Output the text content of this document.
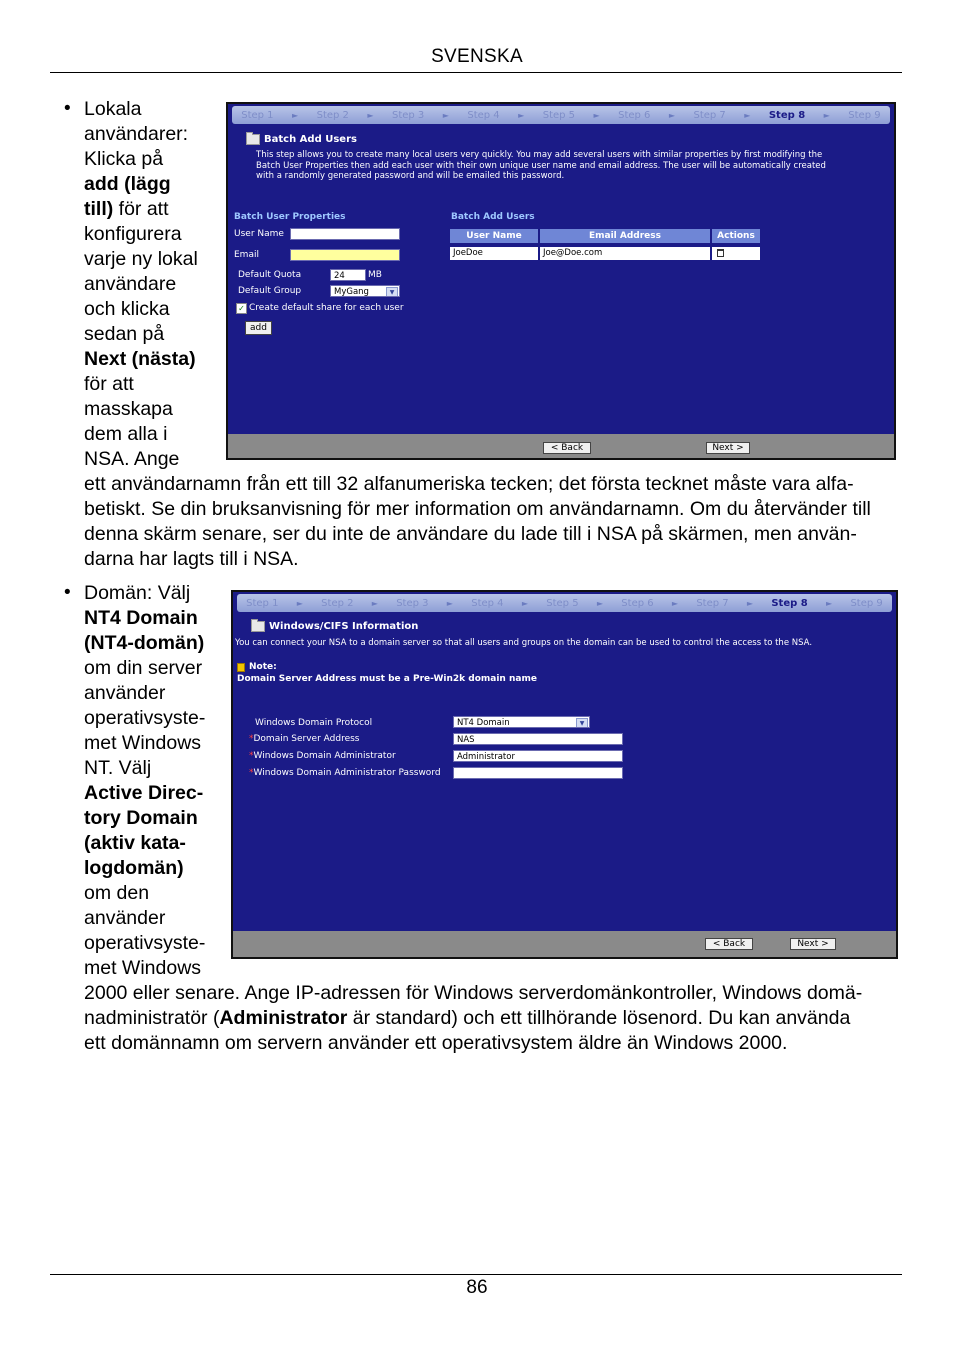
SVENSKA
• Lokala
användarer:
Klicka på
add (lägg
till) för att
konfigurera
varje ny lokal
användare
och klicka
sedan på
Next (nästa)
för att
masskapa
dem alla i
NSA. Ange
ett användarnamn från ett till 32 alfanumeriska tecken; det första tecknet måste vara alfa-
betiskt. Se din bruksanvisning för mer information om användarnamn. Om du återvänder till
denna skärm senare, ser du inte de användare du lade till i NSA på skärmen, men använ-
darna har lagts till i NSA.
Step 1 ► Step 2 ► Step 3 ► Step 4 ► Step 5 ► Step 6 ► Step 7 ► Step 8 ► Step 9
Batch Add Users
This step allows you to create many local users very quickly. You may add several users with similar properties by first modifying the
Batch User Properties then add each user with their own unique user name and email address. The user will be automatically created
with a randomly generated password and will be emailed this password.
Batch User Properties
User Name
Email
Default Quota	24	MB
Default Group	MyGang	▼
✓ Create default share for each user
add
Batch Add Users
User Name	Email Address	Actions
JoeDoe	Joe@Doe.com
< Back	Next >
• Domän: Välj
NT4 Domain
(NT4-domän)
om din server
använder
operativsyste-
met Windows
NT. Välj
Active Direc-
tory Domain
(aktiv kata-
logdomän)
om den
använder
operativsyste-
met Windows
2000 eller senare. Ange IP-adressen för Windows serverdomänkontroller, Windows domä-
nadministratör (Administrator är standard) och ett tillhörande lösenord. Du kan använda
ett domännamn om servern använder ett operativsystem äldre än Windows 2000.
Step 1 ► Step 2 ► Step 3 ► Step 4 ► Step 5 ► Step 6 ► Step 7 ► Step 8 ► Step 9
Windows/CIFS Information
You can connect your NSA to a domain server so that all users and groups on the domain can be used to control the access to the NSA.
Note:
Domain Server Address must be a Pre-Win2k domain name
Windows Domain Protocol	NT4 Domain	▼
*Domain Server Address	NAS
*Windows Domain Administrator	Administrator
*Windows Domain Administrator Password
< Back	Next >
86
